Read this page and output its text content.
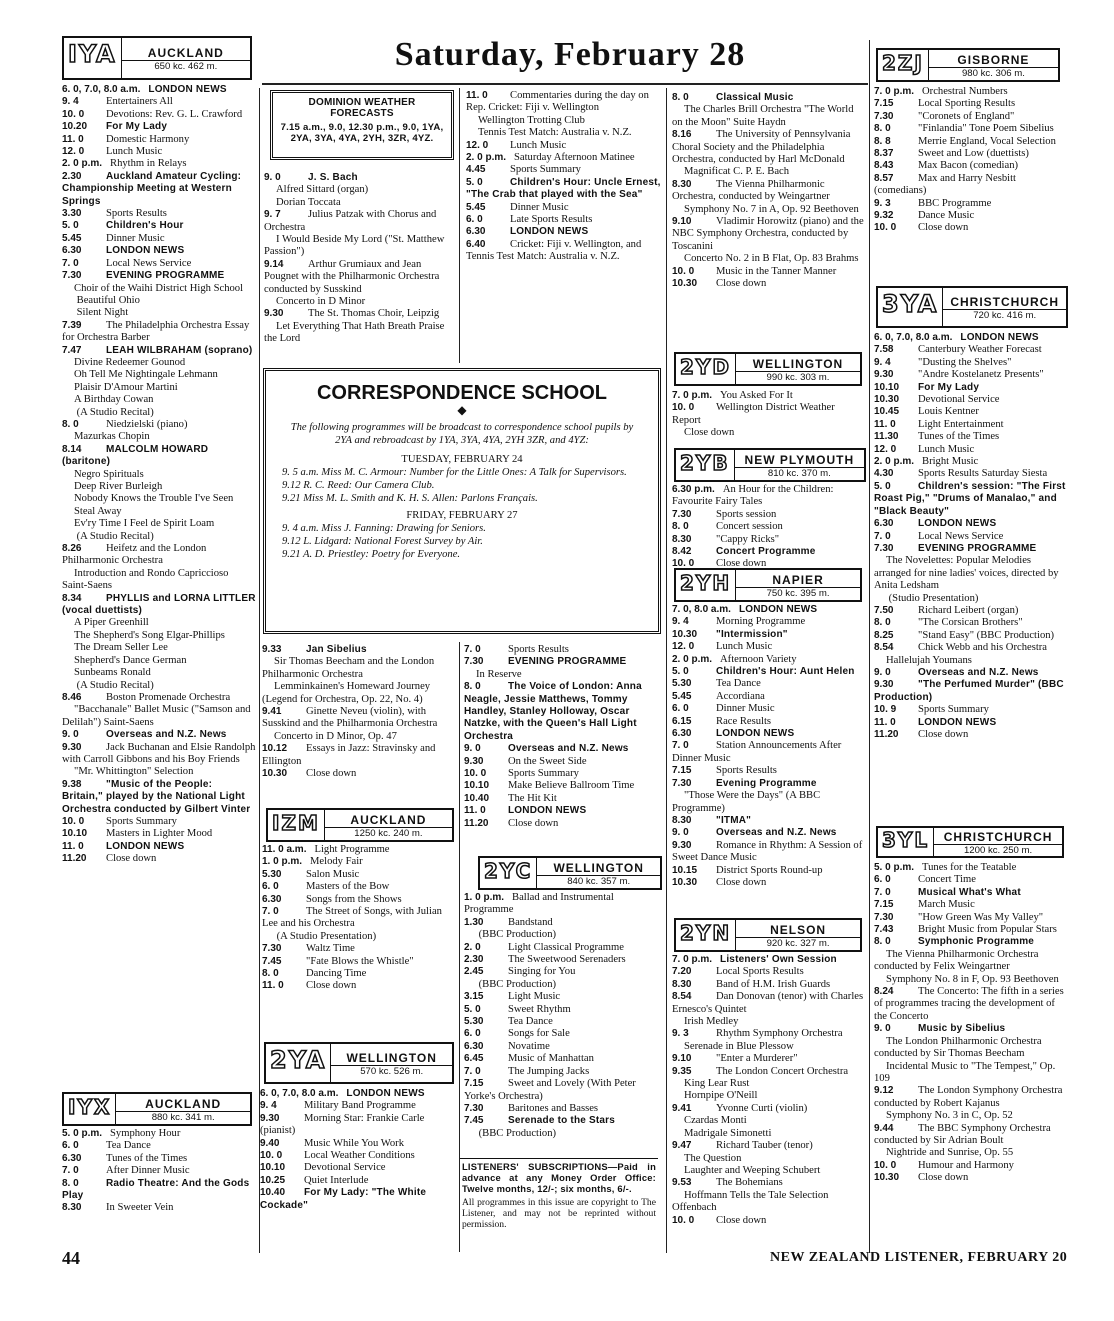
Saturday, February 28
IYA	AUCKLAND
650 kc. 462 m.	2ZJ	GISBORNE
980 kc. 306 m.
2YD	WELLINGTON
990 kc. 303 m.
3YA CHRISTCHURCH
720 kc. 416 m.
2YB	NEW PLYMOUTH
810 kc. 370 m.
2YH	NAPIER
750 kc. 395 m.
IZM	AUCKLAND
1250 kc. 240 m.	3YL	CHRISTCHURCH
1200 kc. 250 m.
2YC	WELLINGTON
840 kc. 357 m.
2YN	NELSON
920 kc. 327 m.
2YA	WELLINGTON
570 kc. 526 m.
IYX	AUCKLAND
880 kc. 341 m.
DOMINION WEATHER FORECASTS
7.15 a.m., 9.0, 12.30 p.m., 9.0, 1YA, 2YA, 3YA, 4YA, 2YH, 3ZR, 4YZ.
CORRESPONDENCE SCHOOL
◆
The following programmes will be broadcast to correspondence school pupils by 2YA and rebroadcast by 1YA, 3YA, 4YA, 2YH 3ZR, and 4YZ:
TUESDAY, FEBRUARY 24
9. 5 a.m. Miss M. C. Armour: Number for the Little Ones: A Talk for Supervisors.
9.12 R. C. Reed: Our Camera Club.
9.21 Miss M. L. Smith and K. H. S. Allen: Parlons Français.
FRIDAY, FEBRUARY 27
9. 4 a.m. Miss J. Fanning: Drawing for Seniors.
9.12 L. Lidgard: National Forest Survey by Air.
9.21 A. D. Priestley: Poetry for Everyone.
LISTENERS' SUBSCRIPTIONS—Paid in advance at any Money Order Office: Twelve months, 12/-; six months, 6/-.
All programmes in this issue are copyright to The Listener, and may not be reprinted without permission.
6. 0, 7.0, 8.0 a.m. LONDON NEWS
9. 4	Entertainers All
10. 0 Devotions: Rev. G. L. Crawford
10.20 For My Lady
11. 0 Domestic Harmony
12. 0 Lunch Music
2. 0 p.m. Rhythm in Relays
2.30 Auckland Amateur Cycling: Championship Meeting at Western Springs
3.30 Sports Results
5. 0	Children's Hour
5.45 Dinner Music
6.30 LONDON NEWS
7. 0	Local News Service
7.30 EVENING PROGRAMME
Choir of the Waihi District High School
Beautiful Ohio
Silent Night
7.39 The Philadelphia Orchestra Essay for Orchestra Barber
7.47 LEAH WILBRAHAM (soprano)
Divine Redeemer Gounod
Oh Tell Me Nightingale Lehmann
Plaisir D'Amour Martini
A Birthday Cowan
(A Studio Recital)
8. 0	Niedzielski (piano)
Mazurkas Chopin
8.14 MALCOLM HOWARD (baritone)
Negro Spirituals
Deep River Burleigh
Nobody Knows the Trouble I've Seen
Steal Away
Ev'ry Time I Feel de Spirit Loam
(A Studio Recital)
8.26 Heifetz and the London Philharmonic Orchestra
Introduction and Rondo Capriccioso Saint-Saens
8.34 PHYLLIS and LORNA LITTLER (vocal duettists)
A Piper Greenhill
The Shepherd's Song Elgar-Phillips
The Dream Seller Lee
Shepherd's Dance German
Sunbeams Ronald
(A Studio Recital)
8.46 Boston Promenade Orchestra
"Bacchanale" Ballet Music ("Samson and Delilah") Saint-Saens
9. 0	Overseas and N.Z. News
9.30 Jack Buchanan and Elsie Randolph with Carroll Gibbons and his Boy Friends
"Mr. Whittington" Selection
9.38 "Music of the People: Britain," played by the National Light Orchestra conducted by Gilbert Vinter
10. 0 Sports Summary
10.10 Masters in Lighter Mood
11. 0 LONDON NEWS
11.20 Close down
5. 0 p.m. Symphony Hour
6. 0	Tea Dance
6.30 Tunes of the Times
7. 0	After Dinner Music
8. 0	Radio Theatre: And the Gods Play
8.30 In Sweeter Vein
9. 0	J. S. Bach
Alfred Sittard (organ)
Dorian Toccata
9. 7	Julius Patzak with Chorus and Orchestra
I Would Beside My Lord ("St. Matthew Passion")
9.14 Arthur Grumiaux and Jean Pougnet with the Philharmonic Orchestra conducted by Susskind
Concerto in D Minor
9.30 The St. Thomas Choir, Leipzig
Let Everything That Hath Breath Praise the Lord
11. 0 Commentaries during the day on Rep. Cricket: Fiji v. Wellington
Wellington Trotting Club
Tennis Test Match: Australia v. N.Z.
12. 0 Lunch Music
2. 0 p.m. Saturday Afternoon Matinee
4.45 Sports Summary
5. 0	Children's Hour: Uncle Ernest, "The Crab that played with the Sea"
5.45 Dinner Music
6. 0	Late Sports Results
6.30 LONDON NEWS
6.40 Cricket: Fiji v. Wellington, and Tennis Test Match: Australia v. N.Z.
9.33 Jan Sibelius
Sir Thomas Beecham and the London Philharmonic Orchestra
Lemminkainen's Homeward Journey (Legend for Orchestra, Op. 22, No. 4)
9.41 Ginette Neveu (violin), with Susskind and the Philharmonia Orchestra
Concerto in D Minor, Op. 47
10.12 Essays in Jazz: Stravinsky and Ellington
10.30 Close down
7. 0	Sports Results
7.30 EVENING PROGRAMME
In Reserve
8. 0	The Voice of London: Anna Neagle, Jessie Matthews, Tommy Handley, Stanley Holloway, Oscar Natzke, with the Queen's Hall Light Orchestra
9. 0	Overseas and N.Z. News
9.30 On the Sweet Side
10. 0 Sports Summary
10.10 Make Believe Ballroom Time
10.40 The Hit Kit
11. 0 LONDON NEWS
11.20 Close down
11. 0 a.m. Light Programme
1. 0 p.m. Melody Fair
5.30 Salon Music
6. 0	Masters of the Bow
6.30 Songs from the Shows
7. 0	The Street of Songs, with Julian Lee and his Orchestra
(A Studio Presentation)
7.30 Waltz Time
7.45 "Fate Blows the Whistle"
8. 0	Dancing Time
11. 0 Close down
6. 0, 7.0, 8.0 a.m. LONDON NEWS
9. 4	Military Band Programme
9.30 Morning Star: Frankie Carle (pianist)
9.40 Music While You Work
10. 0 Local Weather Conditions
10.10 Devotional Service
10.25 Quiet Interlude
10.40 For My Lady: "The White Cockade"
1. 0 p.m. Ballad and Instrumental Programme
1.30 Bandstand
(BBC Production)
2. 0	Light Classical Programme
2.30 The Sweetwood Serenaders
2.45 Singing for You
(BBC Production)
3.15 Light Music
5. 0	Sweet Rhythm
5.30 Tea Dance
6. 0	Songs for Sale
6.30 Novatime
6.45 Music of Manhattan
7. 0	The Jumping Jacks
7.15 Sweet and Lovely (With Peter Yorke's Orchestra)
7.30 Baritones and Basses
7.45 Serenade to the Stars
(BBC Production)
8. 0	Classical Music
The Charles Brill Orchestra "The World on the Moon" Suite Haydn
8.16 The University of Pennsylvania Choral Society and the Philadelphia Orchestra, conducted by Harl McDonald
Magnificat C. P. E. Bach
8.30 The Vienna Philharmonic Orchestra, conducted by Weingartner
Symphony No. 7 in A, Op. 92 Beethoven
9.10 Vladimir Horowitz (piano) and the NBC Symphony Orchestra, conducted by Toscanini
Concerto No. 2 in B Flat, Op. 83 Brahms
10. 0 Music in the Tanner Manner
10.30 Close down
7. 0 p.m. You Asked For It
10. 0 Wellington District Weather Report
Close down
6.30 p.m. An Hour for the Children: Favourite Fairy Tales
7.30 Sports session
8. 0	Concert session
8.30 "Cappy Ricks"
8.42 Concert Programme
10. 0 Close down
7. 0, 8.0 a.m. LONDON NEWS
9. 4	Morning Programme
10.30 "Intermission"
12. 0 Lunch Music
2. 0 p.m. Afternoon Variety
5. 0	Children's Hour: Aunt Helen
5.30 Tea Dance
5.45 Accordiana
6. 0	Dinner Music
6.15 Race Results
6.30 LONDON NEWS
7. 0	Station Announcements After Dinner Music
7.15 Sports Results
7.30 Evening Programme
"Those Were the Days" (A BBC Programme)
8.30 "ITMA"
9. 0	Overseas and N.Z. News
9.30 Romance in Rhythm: A Session of Sweet Dance Music
10.15 District Sports Round-up
10.30 Close down
7. 0 p.m. Listeners' Own Session
7.20 Local Sports Results
8.30 Band of H.M. Irish Guards
8.54 Dan Donovan (tenor) with Charles Ernesco's Quintet
Irish Medley
9. 3	Rhythm Symphony Orchestra
Serenade in Blue Plessow
9.10 "Enter a Murderer"
9.35 The London Concert Orchestra
King Lear Rust
Hornpipe O'Neill
9.41 Yvonne Curti (violin)
Czardas Monti
Madrigale Simonetti
9.47 Richard Tauber (tenor)
The Question
Laughter and Weeping Schubert
9.53 The Bohemians
Hoffmann Tells the Tale Selection Offenbach
10. 0 Close down
7. 0 p.m. Orchestral Numbers
7.15 Local Sporting Results
7.30 "Coronets of England"
8. 0	"Finlandia" Tone Poem Sibelius
8. 8	Merrie England, Vocal Selection
8.37 Sweet and Low (duettists)
8.43 Max Bacon (comedian)
8.57 Max and Harry Nesbitt (comedians)
9. 3	BBC Programme
9.32 Dance Music
10. 0 Close down
6. 0, 7.0, 8.0 a.m. LONDON NEWS
7.58 Canterbury Weather Forecast
9. 4	"Dusting the Shelves"
9.30 "Andre Kostelanetz Presents"
10.10 For My Lady
10.30 Devotional Service
10.45 Louis Kentner
11. 0 Light Entertainment
11.30 Tunes of the Times
12. 0 Lunch Music
2. 0 p.m. Bright Music
4.30 Sports Results Saturday Siesta
5. 0	Children's session: "The First Roast Pig," "Drums of Manalao," and "Black Beauty"
6.30 LONDON NEWS
7. 0	Local News Service
7.30 EVENING PROGRAMME
The Novelettes: Popular Melodies arranged for nine ladies' voices, directed by Anita Ledsham
(Studio Presentation)
7.50 Richard Leibert (organ)
8. 0	"The Corsican Brothers"
8.25 "Stand Easy" (BBC Production)
8.54 Chick Webb and his Orchestra
Hallelujah Youmans
9. 0	Overseas and N.Z. News
9.30 "The Perfumed Murder" (BBC Production)
10. 9 Sports Summary
11. 0 LONDON NEWS
11.20 Close down
5. 0 p.m. Tunes for the Teatable
6. 0	Concert Time
7. 0	Musical What's What
7.15 March Music
7.30 "How Green Was My Valley"
7.43 Bright Music from Popular Stars
8. 0	Symphonic Programme
The Vienna Philharmonic Orchestra conducted by Felix Weingartner
Symphony No. 8 in F, Op. 93 Beethoven
8.24 The Concerto: The fifth in a series of programmes tracing the development of the Concerto
9. 0	Music by Sibelius
The London Philharmonic Orchestra conducted by Sir Thomas Beecham
Incidental Music to "The Tempest," Op. 109
9.12 The London Symphony Orchestra conducted by Robert Kajanus
Symphony No. 3 in C, Op. 52
9.44 The BBC Symphony Orchestra conducted by Sir Adrian Boult
Nightride and Sunrise, Op. 55
10. 0 Humour and Harmony
10.30 Close down
44	NEW ZEALAND LISTENER, FEBRUARY 20
